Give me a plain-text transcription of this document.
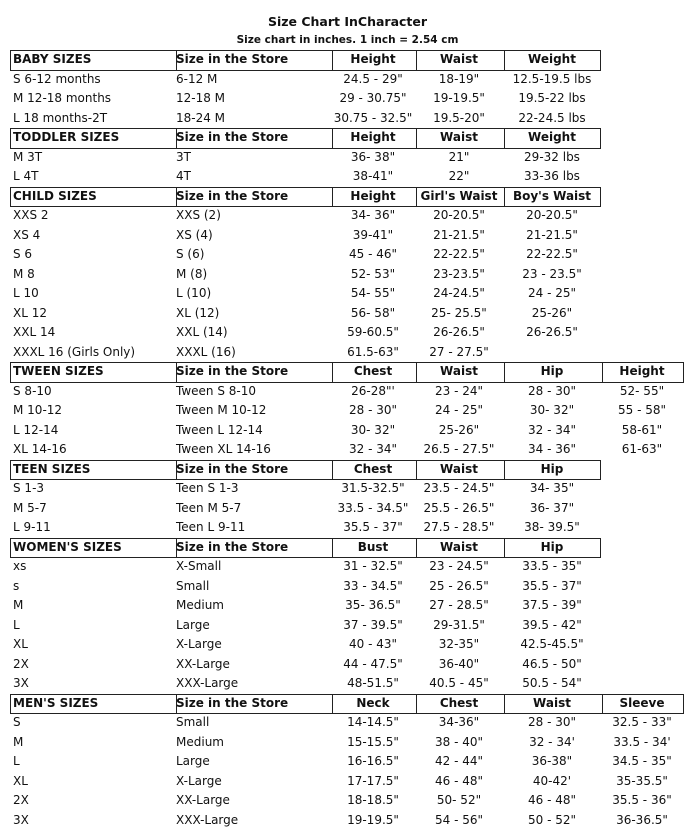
Size Chart InCharacter
Size chart in inches. 1 inch = 2.54 cm
BABY SIZES	Size in the Store	Height	Waist	Weight
S 6-12 months	6-12 M	24.5 - 29"	18-19"	12.5-19.5 lbs
M 12-18 months	12-18 M	29 - 30.75"	19-19.5"	19.5-22 lbs
L 18 months-2T	18-24 M	30.75 - 32.5"	19.5-20"	22-24.5 lbs
TODDLER SIZES	Size in the Store	Height	Waist	Weight
M 3T	3T	36- 38"	21"	29-32 lbs
L 4T	4T	38-41"	22"	33-36 lbs
CHILD SIZES	Size in the Store	Height	Girl's Waist	Boy's Waist
XXS 2	XXS (2)	34- 36"	20-20.5"	20-20.5"
XS 4	XS (4)	39-41"	21-21.5"	21-21.5"
S 6	S (6)	45 - 46"	22-22.5"	22-22.5"
M 8	M (8)	52- 53"	23-23.5"	23 - 23.5"
L 10	L (10)	54- 55"	24-24.5"	24 - 25"
XL 12	XL (12)	56- 58"	25- 25.5"	25-26"
XXL 14	XXL (14)	59-60.5"	26-26.5"	26-26.5"
XXXL 16 (Girls Only)	XXXL (16)	61.5-63"	27 - 27.5"
TWEEN SIZES	Size in the Store	Chest	Waist	Hip	Height
S 8-10	Tween S 8-10	26-28"'	23 - 24"	28 - 30"	52- 55"
M 10-12	Tween M 10-12	28 - 30"	24 - 25"	30- 32"	55 - 58"
L 12-14	Tween L 12-14	30- 32"	25-26"	32 - 34"	58-61"
XL 14-16	Tween XL 14-16	32 - 34"	26.5 - 27.5"	34 - 36"	61-63"
TEEN SIZES	Size in the Store	Chest	Waist	Hip
S 1-3	Teen S 1-3	31.5-32.5"	23.5 - 24.5"	34- 35"
M 5-7	Teen M 5-7	33.5 - 34.5"	25.5 - 26.5"	36- 37"
L 9-11	Teen L 9-11	35.5 - 37"	27.5 - 28.5"	38- 39.5"
WOMEN'S SIZES	Size in the Store	Bust	Waist	Hip
xs	X-Small	31 - 32.5"	23 - 24.5"	33.5 - 35"
s	Small	33 - 34.5"	25 - 26.5"	35.5 - 37"
M	Medium	35- 36.5"	27 - 28.5"	37.5 - 39"
L	Large	37 - 39.5"	29-31.5"	39.5 - 42"
XL	X-Large	40 - 43"	32-35"	42.5-45.5"
2X	XX-Large	44 - 47.5"	36-40"	46.5 - 50"
3X	XXX-Large	48-51.5"	40.5 - 45"	50.5 - 54"
MEN'S SIZES	Size in the Store	Neck	Chest	Waist	Sleeve
S	Small	14-14.5"	34-36"	28 - 30"	32.5 - 33"
M	Medium	15-15.5"	38 - 40"	32 - 34'	33.5 - 34'
L	Large	16-16.5"	42 - 44"	36-38"	34.5 - 35"
XL	X-Large	17-17.5"	46 - 48"	40-42'	35-35.5"
2X	XX-Large	18-18.5"	50- 52"	46 - 48"	35.5 - 36"
3X	XXX-Large	19-19.5"	54 - 56"	50 - 52"	36-36.5"
